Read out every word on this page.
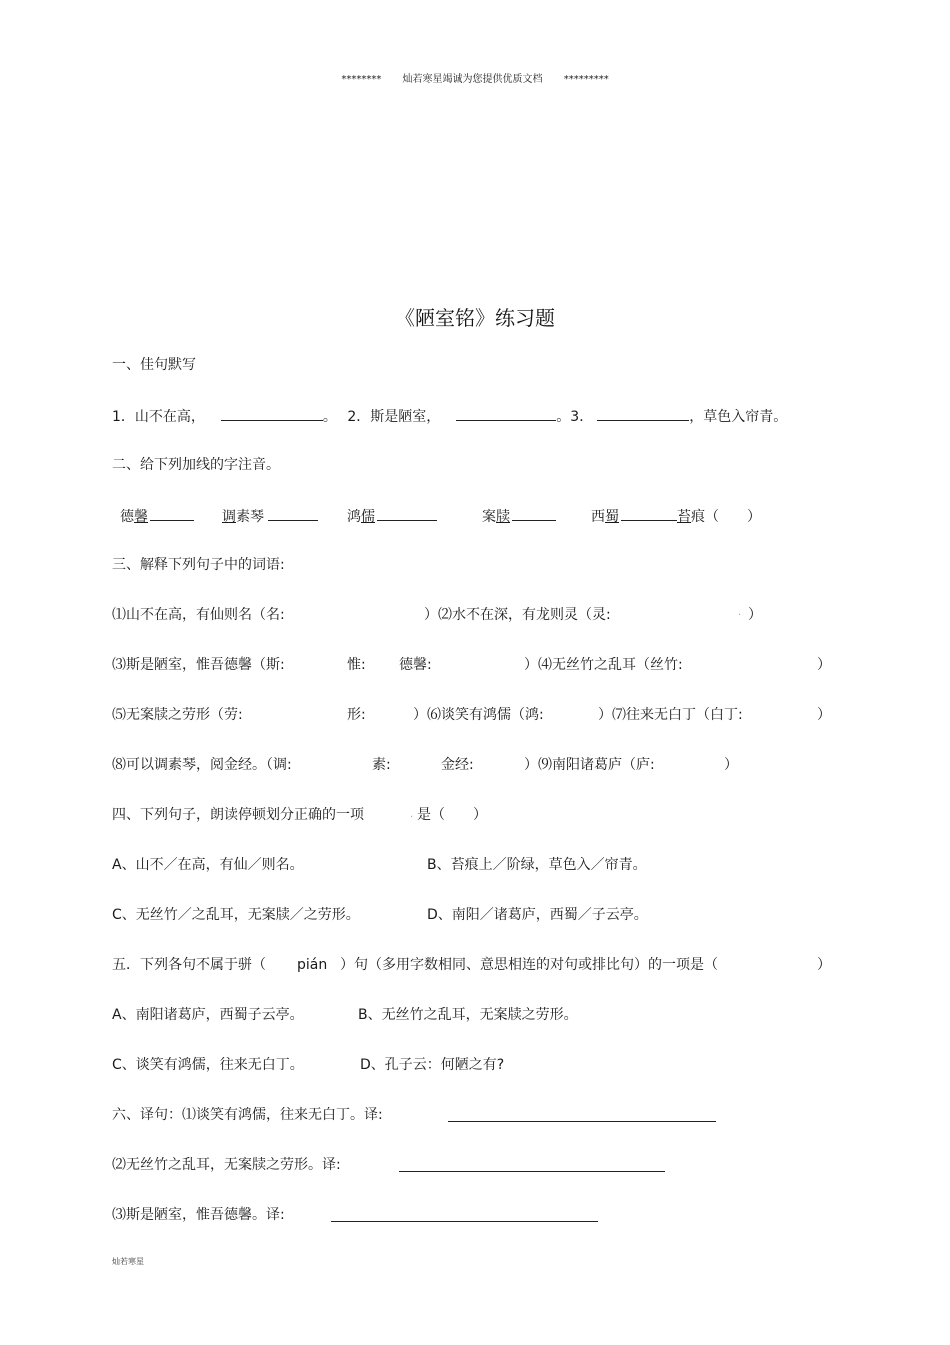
******** 灿若寒星竭诚为您提供优质文档 *********
《陋室铭》练习题
一、佳句默写
1．山不在高，	。 2．斯是陋室，	。3．	，草色入帘青。
二、给下列加线的字注音。
德馨	调素琴	鸿儒	案牍	西蜀	苔痕（　　）
三、解释下列句子中的词语:
⑴山不在高，有仙则名（名:	）⑵水不在深，有龙则灵（灵:	. ）
⑶斯是陋室，惟吾德馨（斯:	惟: 德馨:	）⑷无丝竹之乱耳（丝竹:	）
⑸无案牍之劳形（劳:	形:	）⑹谈笑有鸿儒（鸿:	）⑺往来无白丁（白丁:	）
⑻可以调素琴，阅金经。（调:	素:	金经:	）⑼南阳诸葛庐（庐:	）
四、下列句子，朗读停顿划分正确的一项	. 是（　　）
A、山不／在高，有仙／则名。	B、苔痕上／阶绿，草色入／帘青。
C、无丝竹／之乱耳，无案牍／之劳形。	D、南阳／诸葛庐，西蜀／子云亭。
五．下列各句不属于骈（ pián ）句（多用字数相同、意思相连的对句或排比句）的一项是（	）
A、南阳诸葛庐，西蜀子云亭。	B、无丝竹之乱耳，无案牍之劳形。
C、谈笑有鸿儒，往来无白丁。	D、孔子云：何陋之有?
六、译句：⑴谈笑有鸿儒，往来无白丁。译:
⑵无丝竹之乱耳，无案牍之劳形。译:
⑶斯是陋室，惟吾德馨。译:
灿若寒星
